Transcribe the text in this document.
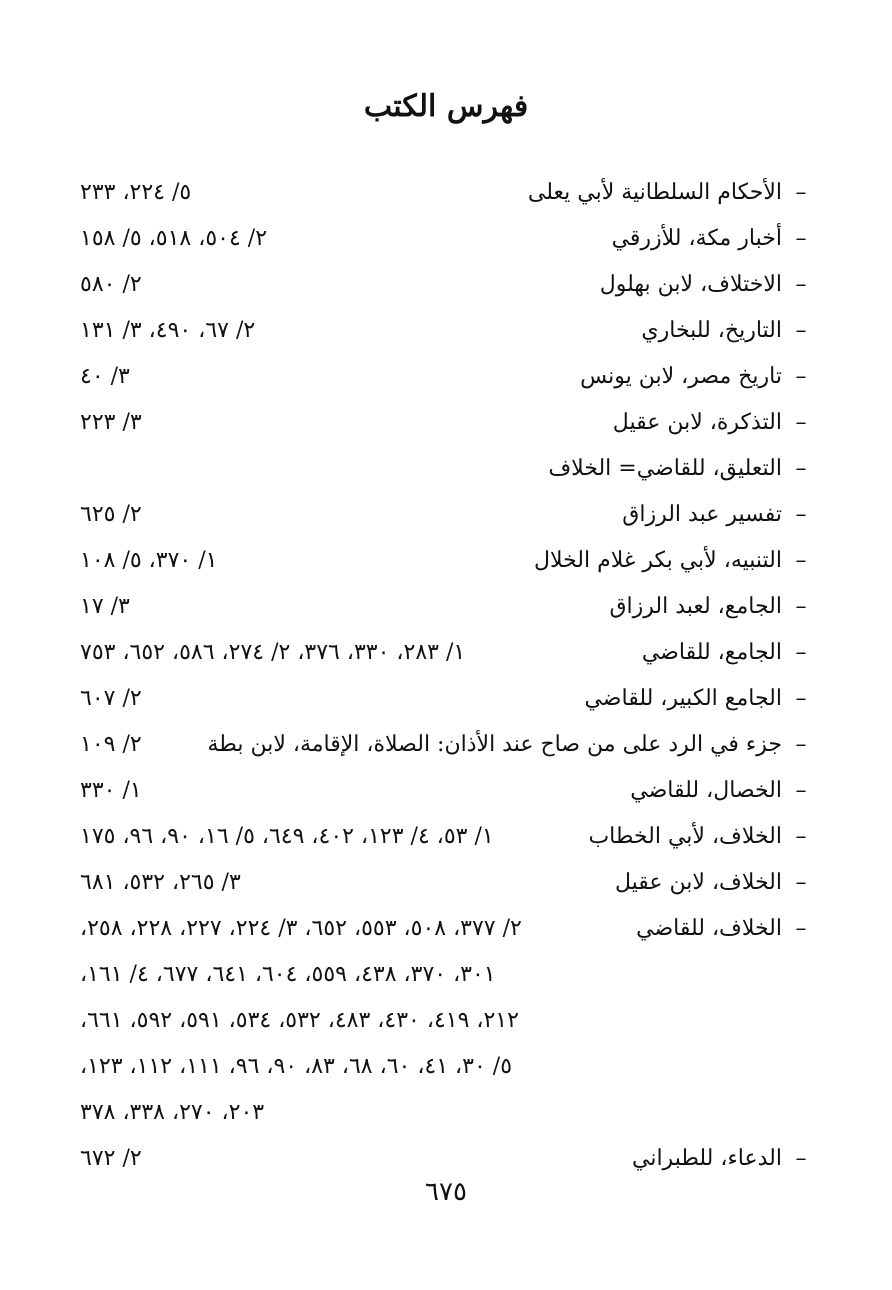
فهرس الكتب
–
الأحكام السلطانية لأبي يعلى
٥/ ٢٢٤، ٢٣٣
–
أخبار مكة، للأزرقي
٢/ ٥٠٤، ٥١٨، ٥/ ١٥٨
–
الاختلاف، لابن بهلول
٢/ ٥٨٠
–
التاريخ، للبخاري
٢/ ٦٧، ٤٩٠، ٣/ ١٣١
–
تاريخ مصر، لابن يونس
٣/ ٤٠
–
التذكرة، لابن عقيل
٣/ ٢٢٣
–
التعليق، للقاضي= الخلاف
–
تفسير عبد الرزاق
٢/ ٦٢٥
–
التنبيه، لأبي بكر غلام الخلال
١/ ٣٧٠، ٥/ ١٠٨
–
الجامع، لعبد الرزاق
٣/ ١٧
–
الجامع، للقاضي
١/ ٢٨٣، ٣٣٠، ٣٧٦، ٢/ ٢٧٤، ٥٨٦، ٦٥٢، ٧٥٣
–
الجامع الكبير، للقاضي
٢/ ٦٠٧
–
جزء في الرد على من صاح عند الأذان: الصلاة، الإقامة، لابن بطة
٢/ ١٠٩
–
الخصال، للقاضي
١/ ٣٣٠
–
الخلاف، لأبي الخطاب
١/ ٥٣، ٤/ ١٢٣، ٤٠٢، ٦٤٩، ٥/ ١٦، ٩٠، ٩٦، ١٧٥
–
الخلاف، لابن عقيل
٣/ ٢٦٥، ٥٣٢، ٦٨١
–
الخلاف، للقاضي
٢/ ٣٧٧، ٥٠٨، ٥٥٣، ٦٥٢، ٣/ ٢٢٤، ٢٢٧، ٢٢٨، ٢٥٨،
٣٠١، ٣٧٠، ٤٣٨، ٥٥٩، ٦٠٤، ٦٤١، ٦٧٧، ٤/ ١٦١،
٢١٢، ٤١٩، ٤٣٠، ٤٨٣، ٥٣٢، ٥٣٤، ٥٩١، ٥٩٢، ٦٦١،
٥/ ٣٠، ٤١، ٦٠، ٦٨، ٨٣، ٩٠، ٩٦، ١١١، ١١٢، ١٢٣،
٢٠٣، ٢٧٠، ٣٣٨، ٣٧٨
–
الدعاء، للطبراني
٢/ ٦٧٢
٦٧٥
